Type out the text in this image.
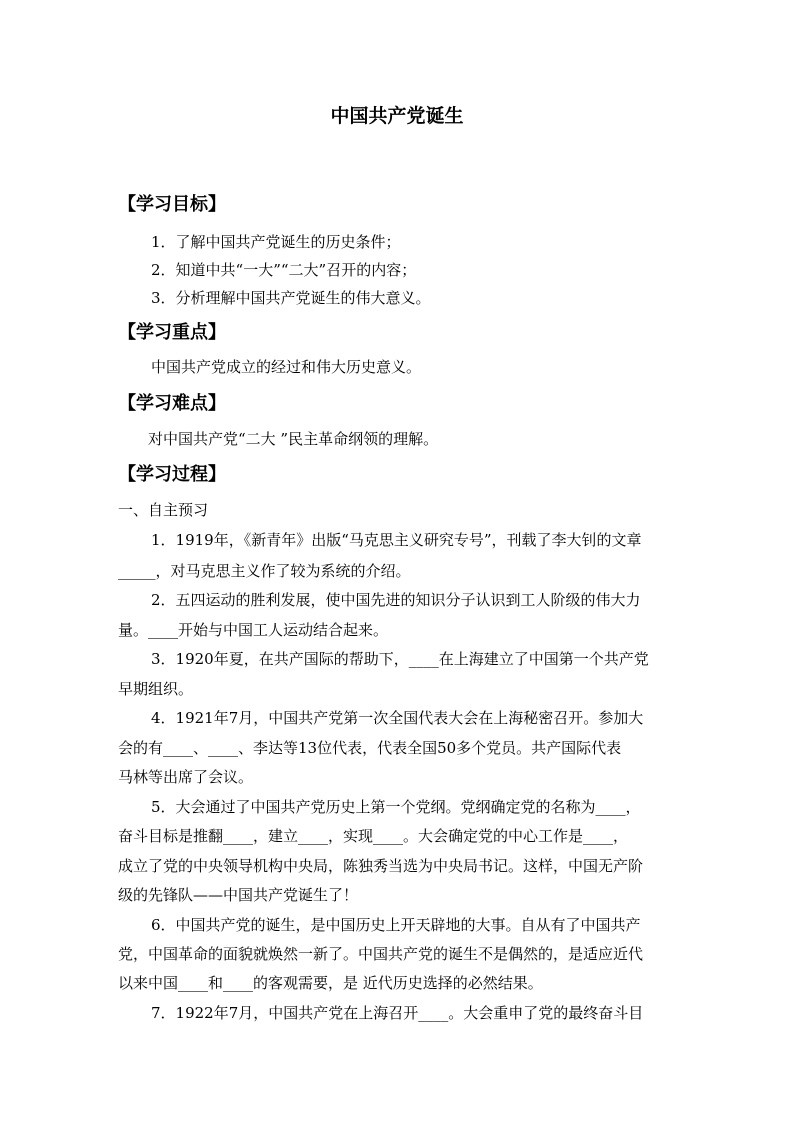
中国共产党诞生
【学习目标】
1．了解中国共产党诞生的历史条件；
2．知道中共“一大”“二大”召开的内容；
3．分析理解中国共产党诞生的伟大意义。
【学习重点】
中国共产党成立的经过和伟大历史意义。
【学习难点】
对中国共产党“二大 ”民主革命纲领的理解。
【学习过程】
一、自主预习
1．1919年，《新青年》出版“马克思主义研究专号”，刊载了李大钊的文章
_____，对马克思主义作了较为系统的介绍。
2．五四运动的胜利发展，使中国先进的知识分子认识到工人阶级的伟大力
量。____开始与中国工人运动结合起来。
3．1920年夏，在共产国际的帮助下，____在上海建立了中国第一个共产党
早期组织。
4．1921年7月，中国共产党第一次全国代表大会在上海秘密召开。参加大
会的有____、____、李达等13位代表，代表全国50多个党员。共产国际代表
马林等出席了会议。
5．大会通过了中国共产党历史上第一个党纲。党纲确定党的名称为____，
奋斗目标是推翻____，建立____，实现____。大会确定党的中心工作是____，
成立了党的中央领导机构中央局，陈独秀当选为中央局书记。这样，中国无产阶
级的先锋队——中国共产党诞生了！
6．中国共产党的诞生，是中国历史上开天辟地的大事。自从有了中国共产
党，中国革命的面貌就焕然一新了。中国共产党的诞生不是偶然的，是适应近代
以来中国____和____的客观需要，是 近代历史选择的必然结果。
7．1922年7月，中国共产党在上海召开____。大会重申了党的最终奋斗目
